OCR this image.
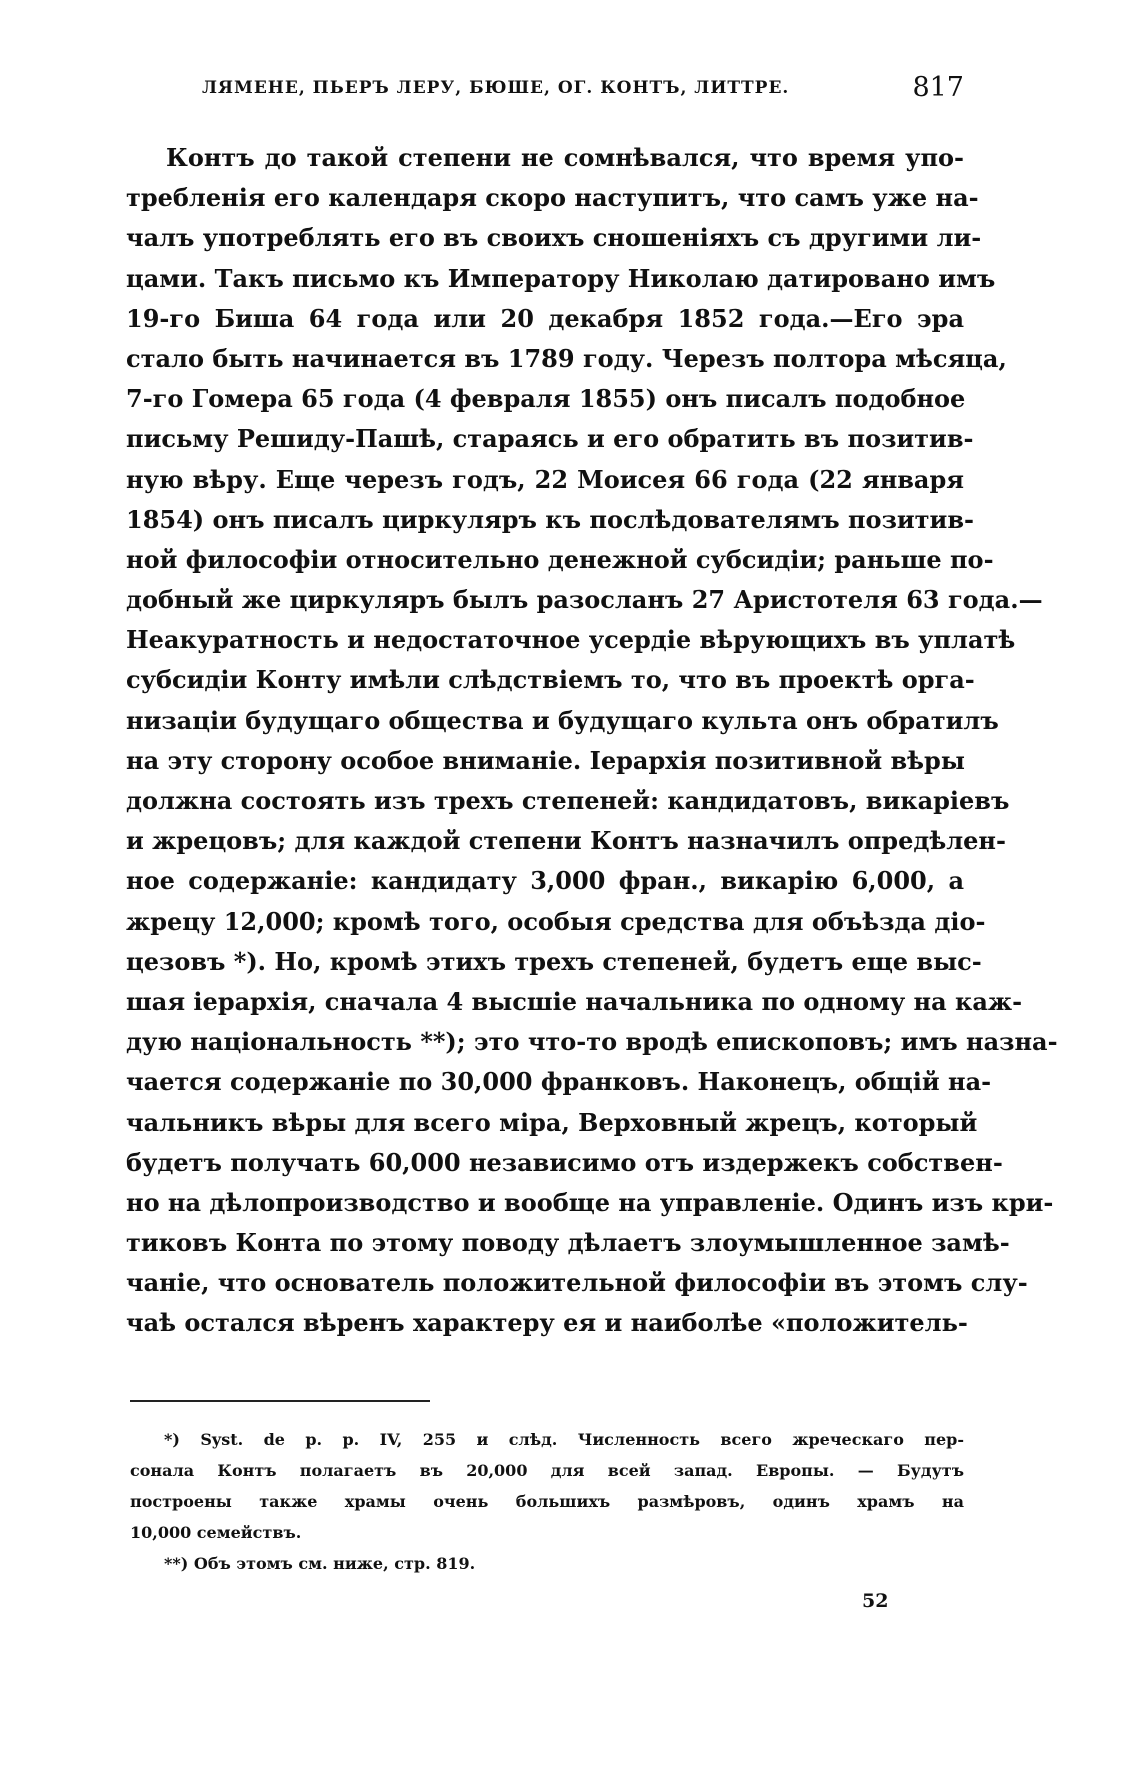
ЛЯМЕНЕ, ПЬЕРЪ ЛЕРУ, БЮШЕ, ОГ. КОНТЪ, ЛИТТРЕ.	817
Контъ до такой степени не сомнѣвался, что время упо-
требленія его календаря скоро наступитъ, что самъ уже на-
чалъ употреблять его въ своихъ сношеніяхъ съ другими ли-
цами. Такъ письмо къ Императору Николаю датировано имъ
19-го Биша 64 года или 20 декабря 1852 года.—Его эра
стало быть начинается въ 1789 году. Черезъ полтора мѣсяца,
7-го Гомера 65 года (4 февраля 1855) онъ писалъ подобное
письму Решиду-Пашѣ, стараясь и его обратить въ позитив-
ную вѣру. Еще черезъ годъ, 22 Моисея 66 года (22 января
1854) онъ писалъ циркуляръ къ послѣдователямъ позитив-
ной философіи относительно денежной субсидіи; раньше по-
добный же циркуляръ былъ разосланъ 27 Аристотеля 63 года.—
Неакуратность и недостаточное усердіе вѣрующихъ въ уплатѣ
субсидіи Конту имѣли слѣдствіемъ то, что въ проектѣ орга-
низаціи будущаго общества и будущаго культа онъ обратилъ
на эту сторону особое вниманіе. Іерархія позитивной вѣры
должна состоять изъ трехъ степеней: кандидатовъ, викаріевъ
и жрецовъ; для каждой степени Контъ назначилъ опредѣлен-
ное содержаніе: кандидату 3,000 фран., викарію 6,000, а
жрецу 12,000; кромѣ того, особыя средства для объѣзда діо-
цезовъ *). Но, кромѣ этихъ трехъ степеней, будетъ еще выс-
шая іерархія, сначала 4 высшіе начальника по одному на каж-
дую національность **); это что-то вродѣ епископовъ; имъ назна-
чается содержаніе по 30,000 франковъ. Наконецъ, общій на-
чальникъ вѣры для всего міра, Верховный жрецъ, который
будетъ получать 60,000 независимо отъ издержекъ собствен-
но на дѣлопроизводство и вообще на управленіе. Одинъ изъ кри-
тиковъ Конта по этому поводу дѣлаетъ злоумышленное замѣ-
чаніе, что основатель положительной философіи въ этомъ слу-
чаѣ остался вѣренъ характеру ея и наиболѣе «положитель-
*) Syst. de p. p. IV, 255 и слѣд. Численность всего жреческаго пер-
сонала Контъ полагаетъ въ 20,000 для всей запад. Европы. — Будутъ
построены также храмы очень большихъ размѣровъ, одинъ храмъ на
10,000 семействъ.
**) Объ этомъ см. ниже, стр. 819.
52
